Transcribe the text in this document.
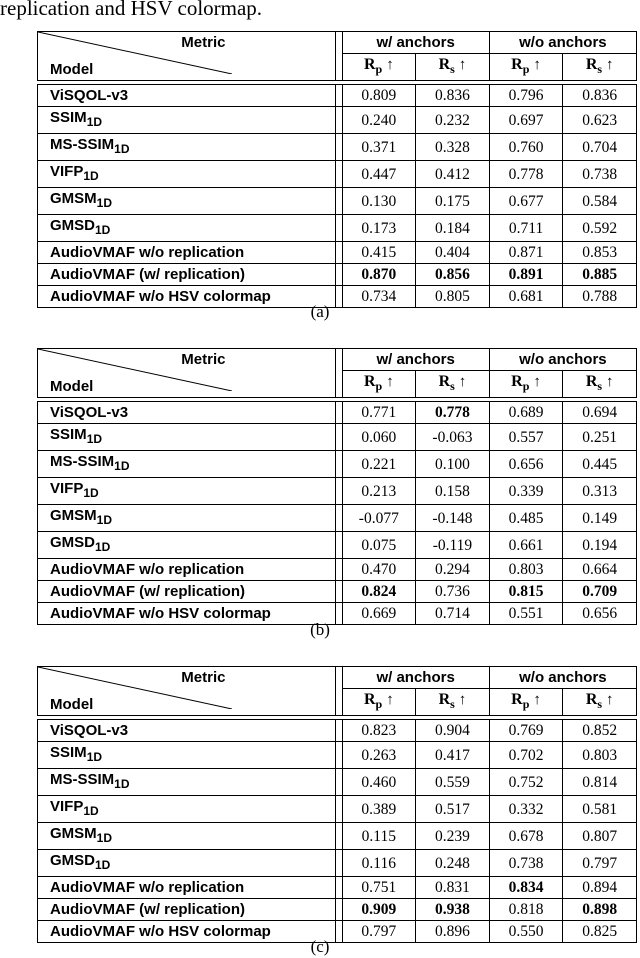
replication and HSV colormap.
Metric
Model		w/ anchors		w/o anchors	
		$R_p$ ↑	$R_s$ ↑	$R_p$ ↑	$R_s$ ↑

ViSQOL-v3		0.809	0.836	0.796	0.836
$SSIM_{1D}$		0.240	0.232	0.697	0.623
$MS-SSIM_{1D}$		0.371	0.328	0.760	0.704
$VIFP_{1D}$		0.447	0.412	0.778	0.738
$GMSM_{1D}$		0.130	0.175	0.677	0.584
$GMSD_{1D}$		0.173	0.184	0.711	0.592
AudioVMAF w/o replication		0.415	0.404	0.871	0.853
AudioVMAF (w/ replication)		0.870	0.856	0.891	0.885
AudioVMAF w/o HSV colormap		0.734	0.805	0.681	0.788
(a)
Metric
Model		w/ anchors		w/o anchors	
		$R_p$ ↑	$R_s$ ↑	$R_p$ ↑	$R_s$ ↑

ViSQOL-v3		0.771	0.778	0.689	0.694
$SSIM_{1D}$		0.060	-0.063	0.557	0.251
$MS-SSIM_{1D}$		0.221	0.100	0.656	0.445
$VIFP_{1D}$		0.213	0.158	0.339	0.313
$GMSM_{1D}$		-0.077	-0.148	0.485	0.149
$GMSD_{1D}$		0.075	-0.119	0.661	0.194
AudioVMAF w/o replication		0.470	0.294	0.803	0.664
AudioVMAF (w/ replication)		0.824	0.736	0.815	0.709
AudioVMAF w/o HSV colormap		0.669	0.714	0.551	0.656
(b)
Metric
Model		w/ anchors		w/o anchors	
		$R_p$ ↑	$R_s$ ↑	$R_p$ ↑	$R_s$ ↑

ViSQOL-v3		0.823	0.904	0.769	0.852
$SSIM_{1D}$		0.263	0.417	0.702	0.803
$MS-SSIM_{1D}$		0.460	0.559	0.752	0.814
$VIFP_{1D}$		0.389	0.517	0.332	0.581
$GMSM_{1D}$		0.115	0.239	0.678	0.807
$GMSD_{1D}$		0.116	0.248	0.738	0.797
AudioVMAF w/o replication		0.751	0.831	0.834	0.894
AudioVMAF (w/ replication)		0.909	0.938	0.818	0.898
AudioVMAF w/o HSV colormap		0.797	0.896	0.550	0.825
(c)
